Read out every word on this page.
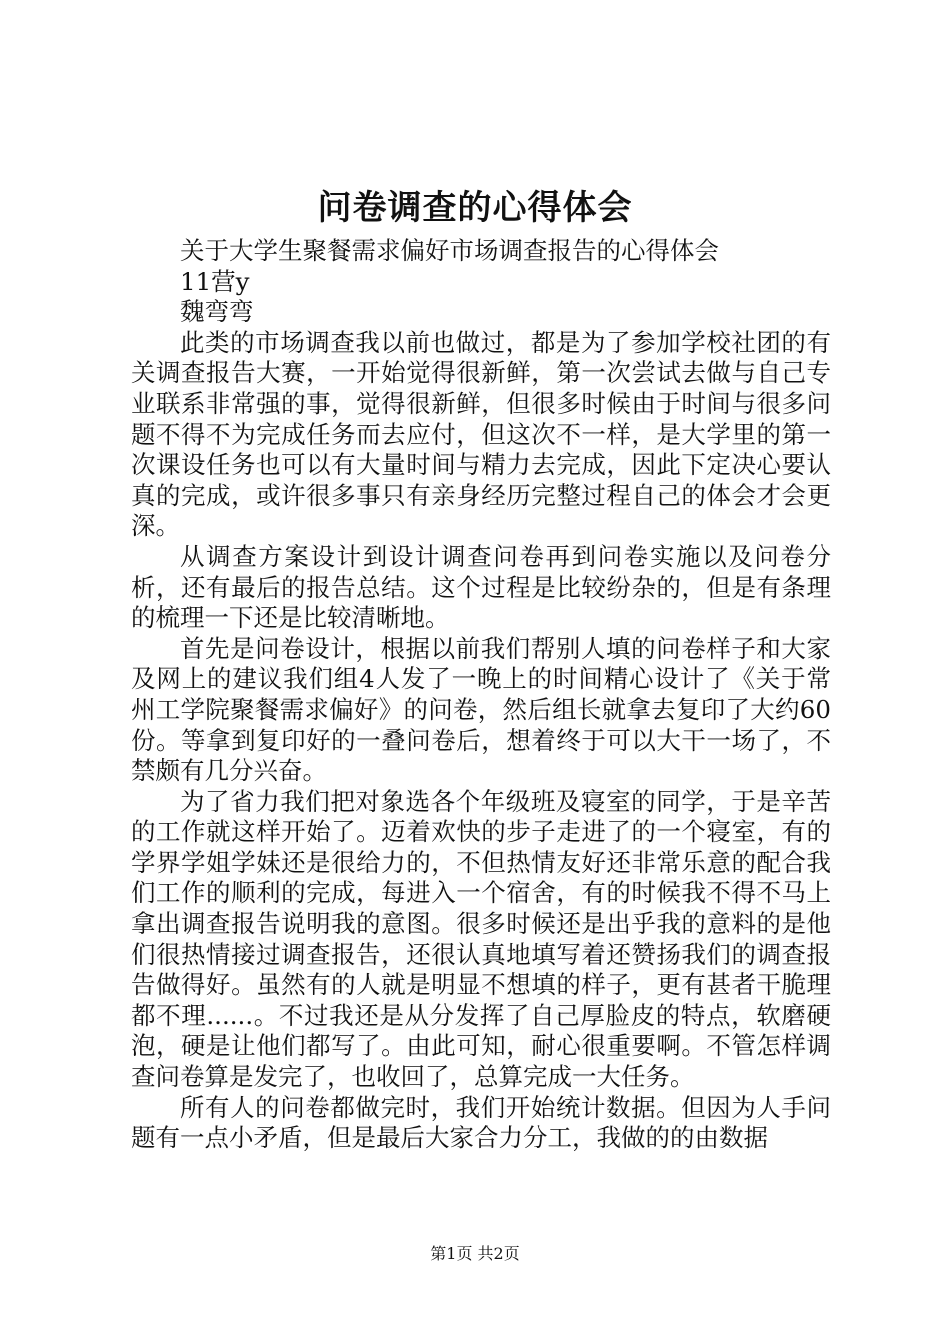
问卷调查的心得体会

关于大学生聚餐需求偏好市场调查报告的心得体会

11营y

魏弯弯

此类的市场调查我以前也做过，都是为了参加学校社团的有关调查报告大赛，一开始觉得很新鲜，第一次尝试去做与自己专业联系非常强的事，觉得很新鲜，但很多时候由于时间与很多问题不得不为完成任务而去应付，但这次不一样，是大学里的第一次课设任务也可以有大量时间与精力去完成，因此下定决心要认真的完成，或许很多事只有亲身经历完整过程自己的体会才会更深。

从调查方案设计到设计调查问卷再到问卷实施以及问卷分析，还有最后的报告总结。这个过程是比较纷杂的，但是有条理的梳理一下还是比较清晰地。

首先是问卷设计，根据以前我们帮别人填的问卷样子和大家及网上的建议我们组4人发了一晚上的时间精心设计了《关于常州工学院聚餐需求偏好》的问卷，然后组长就拿去复印了大约60份。等拿到复印好的一叠问卷后，想着终于可以大干一场了，不禁颇有几分兴奋。

为了省力我们把对象选各个年级班及寝室的同学，于是辛苦的工作就这样开始了。迈着欢快的步子走进了的一个寝室，有的学界学姐学妹还是很给力的，不但热情友好还非常乐意的配合我们工作的顺利的完成，每进入一个宿舍，有的时候我不得不马上拿出调查报告说明我的意图。很多时候还是出乎我的意料的是他们很热情接过调查报告，还很认真地填写着还赞扬我们的调查报告做得好。虽然有的人就是明显不想填的样子，更有甚者干脆理都不理......。不过我还是从分发挥了自己厚脸皮的特点，软磨硬泡，硬是让他们都写了。由此可知，耐心很重要啊。不管怎样调查问卷算是发完了，也收回了，总算完成一大任务。

所有人的问卷都做完时，我们开始统计数据。但因为人手问题有一点小矛盾，但是最后大家合力分工，我做的的由数据

第1页 共2页
